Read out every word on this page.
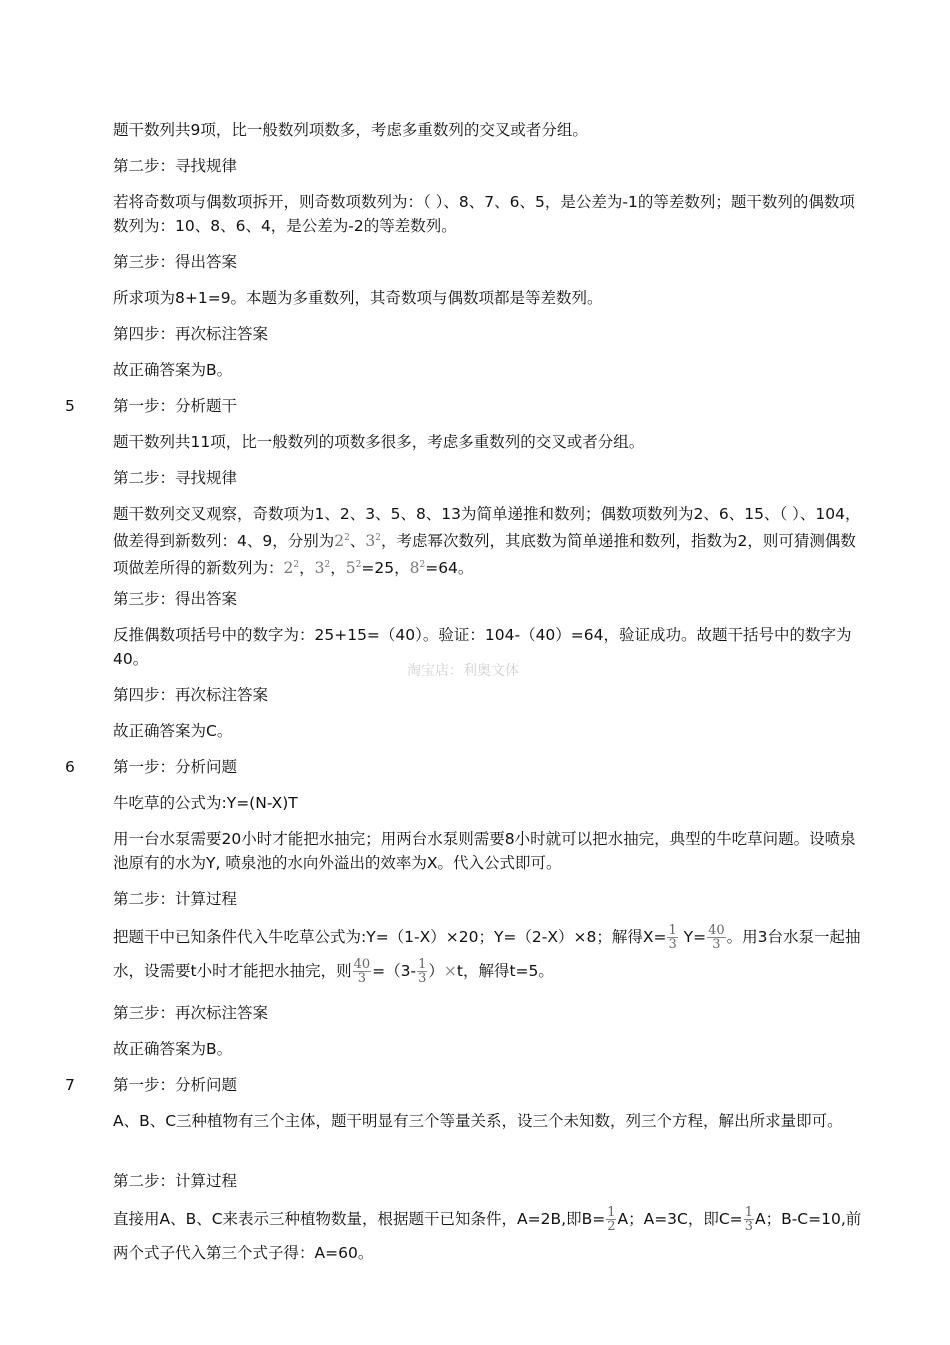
题干数列共9项，比一般数列项数多，考虑多重数列的交叉或者分组。

第二步：寻找规律

若将奇数项与偶数项拆开，则奇数项数列为：（ ）、8、7、6、5，是公差为-1的等差数列；题干数列的偶数项数列为：10、8、6、4，是公差为-2的等差数列。

第三步：得出答案

所求项为8+1=9。本题为多重数列，其奇数项与偶数项都是等差数列。

第四步：再次标注答案

故正确答案为B。

5 第一步：分析题干

题干数列共11项，比一般数列的项数多很多，考虑多重数列的交叉或者分组。

第二步：寻找规律

题干数列交叉观察，奇数项为1、2、3、5、8、13为简单递推和数列；偶数项数列为2、6、15、（ ）、104，做差得到新数列：4、9，分别为$2^2$、$3^2$，考虑幂次数列，其底数为简单递推和数列，指数为2，则可猜测偶数项做差所得的新数列为：$2^2$，$3^2$，$5^2=25$，$8^2=64$。

第三步：得出答案

反推偶数项括号中的数字为：25+15=（40）。验证：104-（40）=64，验证成功。故题干括号中的数字为40。

淘宝店：利奥文体

第四步：再次标注答案

故正确答案为C。

6 第一步：分析问题

牛吃草的公式为:Y=(N-X)T

用一台水泵需要20小时才能把水抽完；用两台水泵则需要8小时就可以把水抽完，典型的牛吃草问题。设喷泉池原有的水为Y, 喷泉池的水向外溢出的效率为X。代入公式即可。

第二步：计算过程

把题干中已知条件代入牛吃草公式为:Y=（1-X）×20；Y=（2-X）×8；解得$X= \frac{1}{3} Y= \frac{40}{3}$ 。用3台水泵一起抽水，设需要t小时才能把水抽完，则 $\frac{40}{3} =(3- \frac{1}{3} )\times t$，解得t=5。

第三步：再次标注答案

故正确答案为B。

7 第一步：分析问题

A、B、C三种植物有三个主体，题干明显有三个等量关系，设三个未知数，列三个方程，解出所求量即可。

第二步：计算过程

直接用A、B、C来表示三种植物数量，根据题干已知条件，A=2B,即$B= \frac{1}{2}$ A；A=3C，即$C= \frac{1}{3}$ A；B-C=10,前两个式子代入第三个式子得：A=60。
